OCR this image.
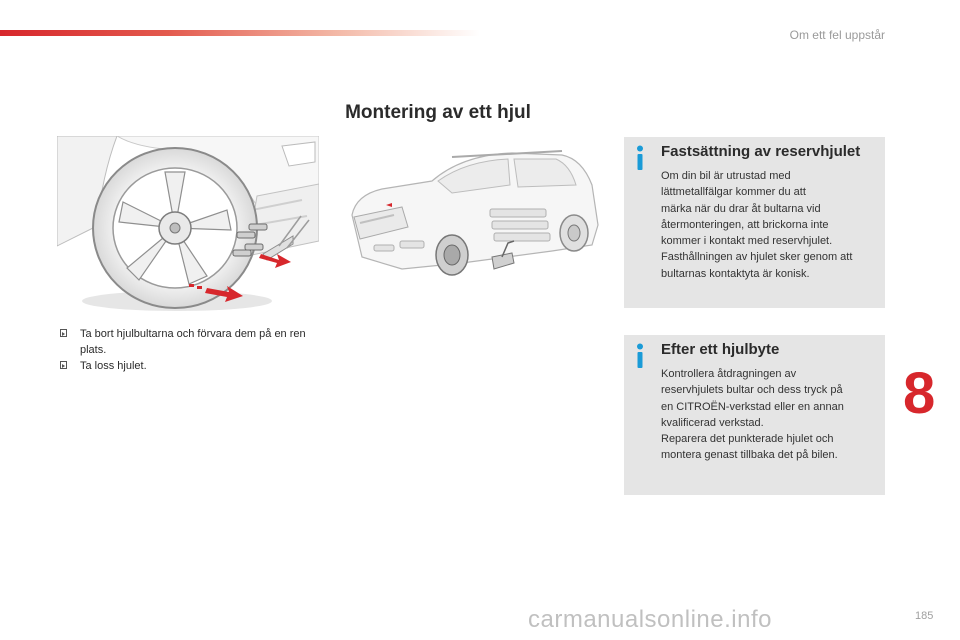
Om ett fel uppstår
Montering av ett hjul
Ta bort hjulbultarna och förvara dem på en ren plats.
Ta loss hjulet.
Fastsättning av reservhjulet
Om din bil är utrustad med
lättmetallfälgar kommer du att
märka när du drar åt bultarna vid
återmonteringen, att brickorna inte
kommer i kontakt med reservhjulet.
Fasthållningen av hjulet sker genom att
bultarnas kontaktyta är konisk.
Efter ett hjulbyte
Kontrollera åtdragningen av
reservhjulets bultar och dess tryck på
en CITROËN-verkstad eller en annan
kvalificerad verkstad.
Reparera det punkterade hjulet och
montera genast tillbaka det på bilen.
8
185
carmanualsonline.info
